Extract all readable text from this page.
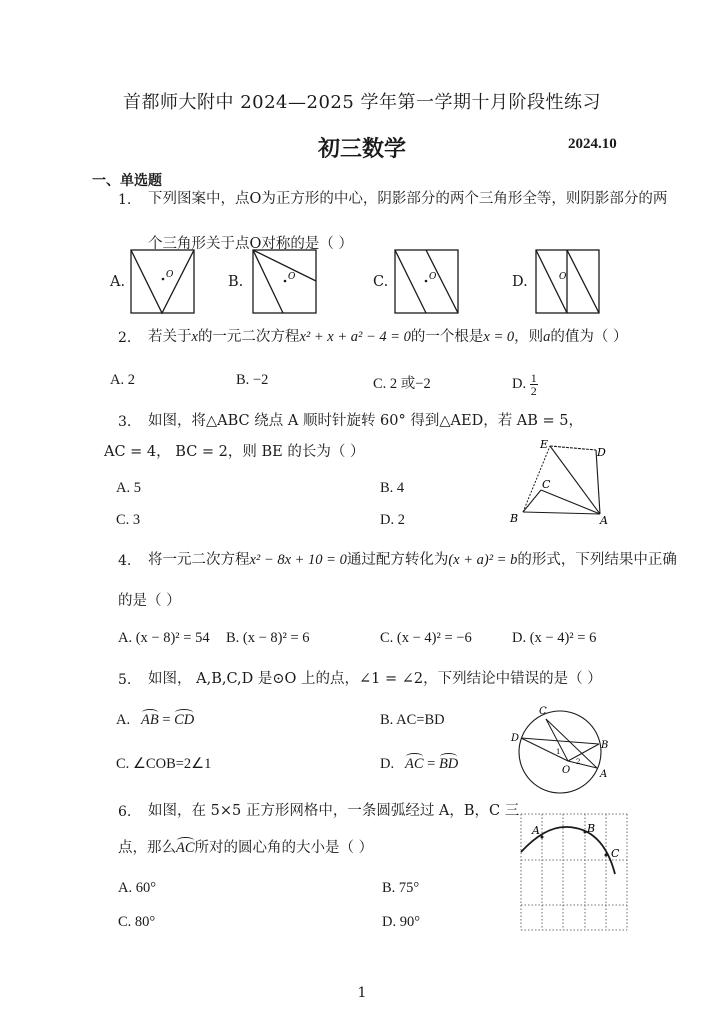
首都师大附中 2024—2025 学年第一学期十月阶段性练习
初三数学	2024.10
一、单选题
1. 下列图案中，点O为正方形的中心，阴影部分的两个三角形全等，则阴影部分的两
个三角形关于点O对称的是（ ）
A.	O	B.	O	C.	O	D.	O
2.	若关于x的一元二次方程x² + x + a² − 4 = 0的一个根是x = 0，则a的值为（ ）
A. 2	B. −2	C. 2 或−2	D. $\frac{1}{2}$
3. 如图，将△ABC 绕点 A 顺时针旋转 60° 得到△AED，若 AB = 5，
AC = 4， BC = 2，则 BE 的长为（ ）
A. 5	B. 4
C. 3	D. 2
E
D
C
B	A
4. 将一元二次方程x² − 8x + 10 = 0通过配方转化为(x + a)² = b的形式，下列结果中正确
的是（ ）
A. (x − 8)² = 54 B. (x − 8)² = 6	C. (x − 4)² = −6	D. (x − 4)² = 6
5. 如图， A,B,C,D 是⊙O 上的点，∠1 = ∠2，下列结论中错误的是（ ）
A. AB = CD	B. AC=BD
C. ∠COB=2∠1	D. AC = BD
C
D
B
O	A
1
2
6. 如图，在 5×5 正方形网格中，一条圆弧经过 A，B，C 三
点，那么AC所对的圆心角的大小是（ ）
A. 60°	B. 75°
C. 80°	D. 90°
A	B
C
1
